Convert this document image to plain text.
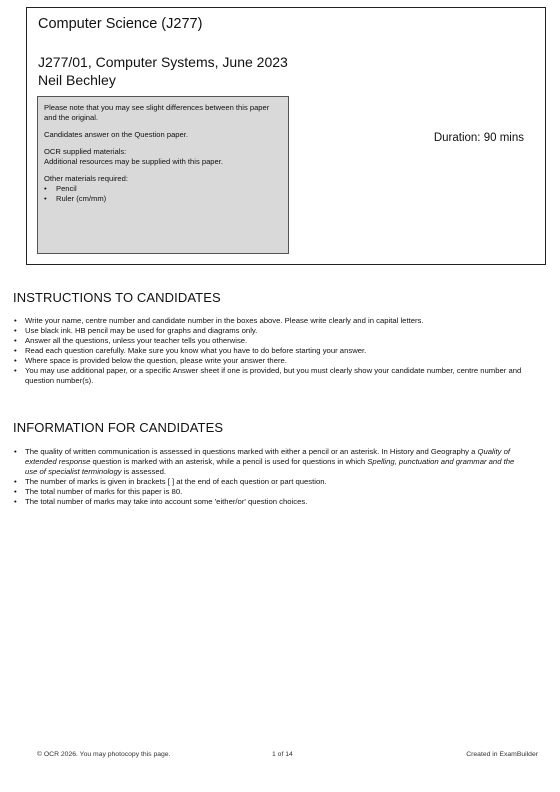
Computer Science (J277)
J277/01, Computer Systems, June 2023
Neil Bechley

Please note that you may see slight differences between this paper and the original.

Candidates answer on the Question paper.

OCR supplied materials:
Additional resources may be supplied with this paper.

Other materials required:

• Pencil
• Ruler (cm/mm)
Duration: 90 mins
INSTRUCTIONS TO CANDIDATES
• Write your name, centre number and candidate number in the boxes above. Please write clearly and in capital letters.
• Use black ink. HB pencil may be used for graphs and diagrams only.
• Answer all the questions, unless your teacher tells you otherwise.
• Read each question carefully. Make sure you know what you have to do before starting your answer.
• Where space is provided below the question, please write your answer there.
• You may use additional paper, or a specific Answer sheet if one is provided, but you must clearly show your candidate number, centre number and question number(s).
INFORMATION FOR CANDIDATES
• The quality of written communication is assessed in questions marked with either a pencil or an asterisk. In History and Geography a Quality of extended response question is marked with an asterisk, while a pencil is used for questions in which Spelling, punctuation and grammar and the use of specialist terminology is assessed.
• The number of marks is given in brackets [ ] at the end of each question or part question.
• The total number of marks for this paper is 80.
• The total number of marks may take into account some 'either/or' question choices.
© OCR 2026. You may photocopy this page.	1 of 14	Created in ExamBuilder
